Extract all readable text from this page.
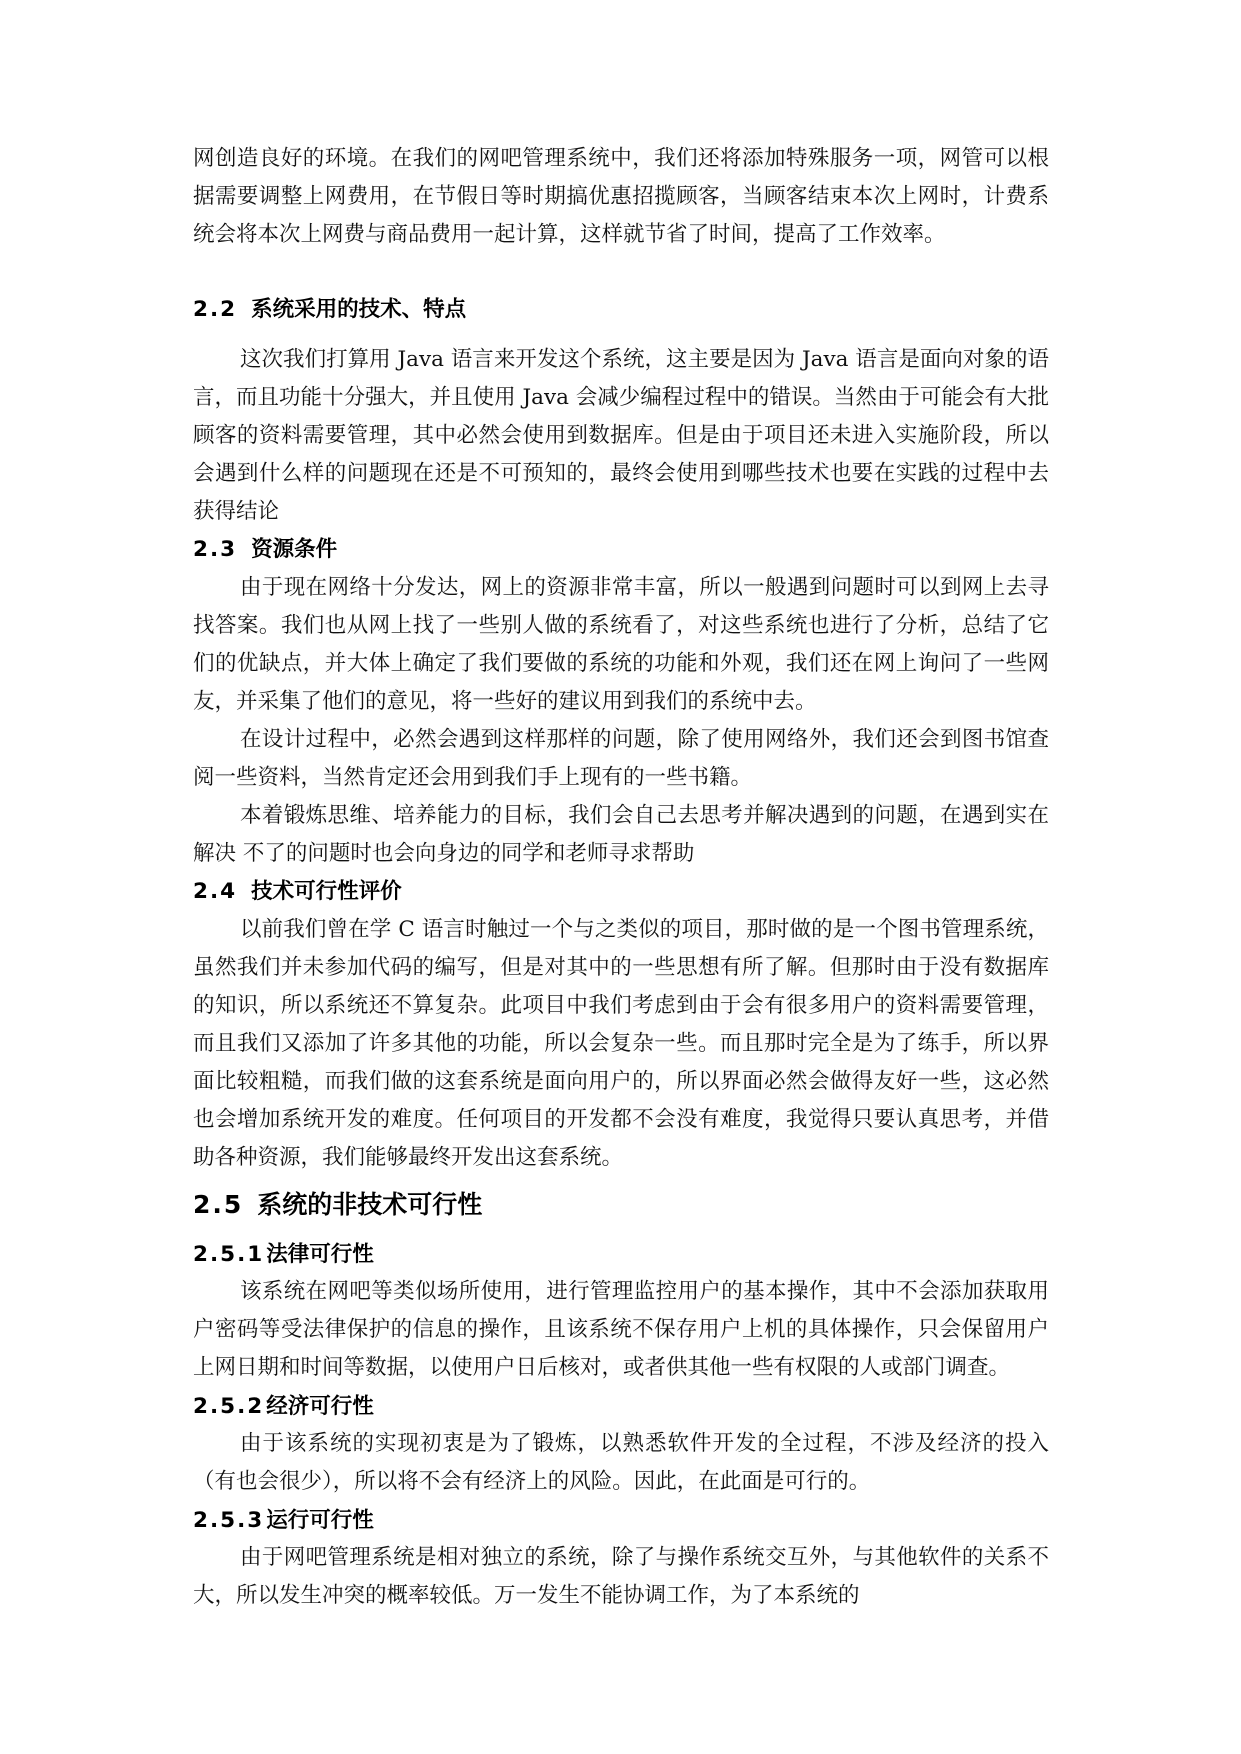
网创造良好的环境。在我们的网吧管理系统中，我们还将添加特殊服务一项，网管可以根据需要调整上网费用，在节假日等时期搞优惠招揽顾客，当顾客结束本次上网时，计费系统会将本次上网费与商品费用一起计算，这样就节省了时间，提高了工作效率。

2.2 系统采用的技术、特点

这次我们打算用 Java 语言来开发这个系统，这主要是因为 Java 语言是面向对象的语言，而且功能十分强大，并且使用 Java 会减少编程过程中的错误。当然由于可能会有大批顾客的资料需要管理，其中必然会使用到数据库。但是由于项目还未进入实施阶段，所以会遇到什么样的问题现在还是不可预知的，最终会使用到哪些技术也要在实践的过程中去获得结论

2.3 资源条件

由于现在网络十分发达，网上的资源非常丰富，所以一般遇到问题时可以到网上去寻找答案。我们也从网上找了一些别人做的系统看了，对这些系统也进行了分析，总结了它们的优缺点，并大体上确定了我们要做的系统的功能和外观，我们还在网上询问了一些网友，并采集了他们的意见，将一些好的建议用到我们的系统中去。

在设计过程中，必然会遇到这样那样的问题，除了使用网络外，我们还会到图书馆查阅一些资料，当然肯定还会用到我们手上现有的一些书籍。

本着锻炼思维、培养能力的目标，我们会自己去思考并解决遇到的问题，在遇到实在解决 不了的问题时也会向身边的同学和老师寻求帮助

2.4 技术可行性评价

以前我们曾在学 C 语言时触过一个与之类似的项目，那时做的是一个图书管理系统，虽然我们并未参加代码的编写，但是对其中的一些思想有所了解。但那时由于没有数据库的知识，所以系统还不算复杂。此项目中我们考虑到由于会有很多用户的资料需要管理，而且我们又添加了许多其他的功能，所以会复杂一些。而且那时完全是为了练手，所以界面比较粗糙，而我们做的这套系统是面向用户的，所以界面必然会做得友好一些，这必然也会增加系统开发的难度。任何项目的开发都不会没有难度，我觉得只要认真思考，并借助各种资源，我们能够最终开发出这套系统。

2.5 系统的非技术可行性
2.5.1法律可行性

该系统在网吧等类似场所使用，进行管理监控用户的基本操作，其中不会添加获取用户密码等受法律保护的信息的操作，且该系统不保存用户上机的具体操作，只会保留用户上网日期和时间等数据，以使用户日后核对，或者供其他一些有权限的人或部门调查。

2.5.2经济可行性

由于该系统的实现初衷是为了锻炼，以熟悉软件开发的全过程，不涉及经济的投入（有也会很少），所以将不会有经济上的风险。因此，在此面是可行的。

2.5.3运行可行性

由于网吧管理系统是相对独立的系统，除了与操作系统交互外，与其他软件的关系不大，所以发生冲突的概率较低。万一发生不能协调工作，为了本系统的
